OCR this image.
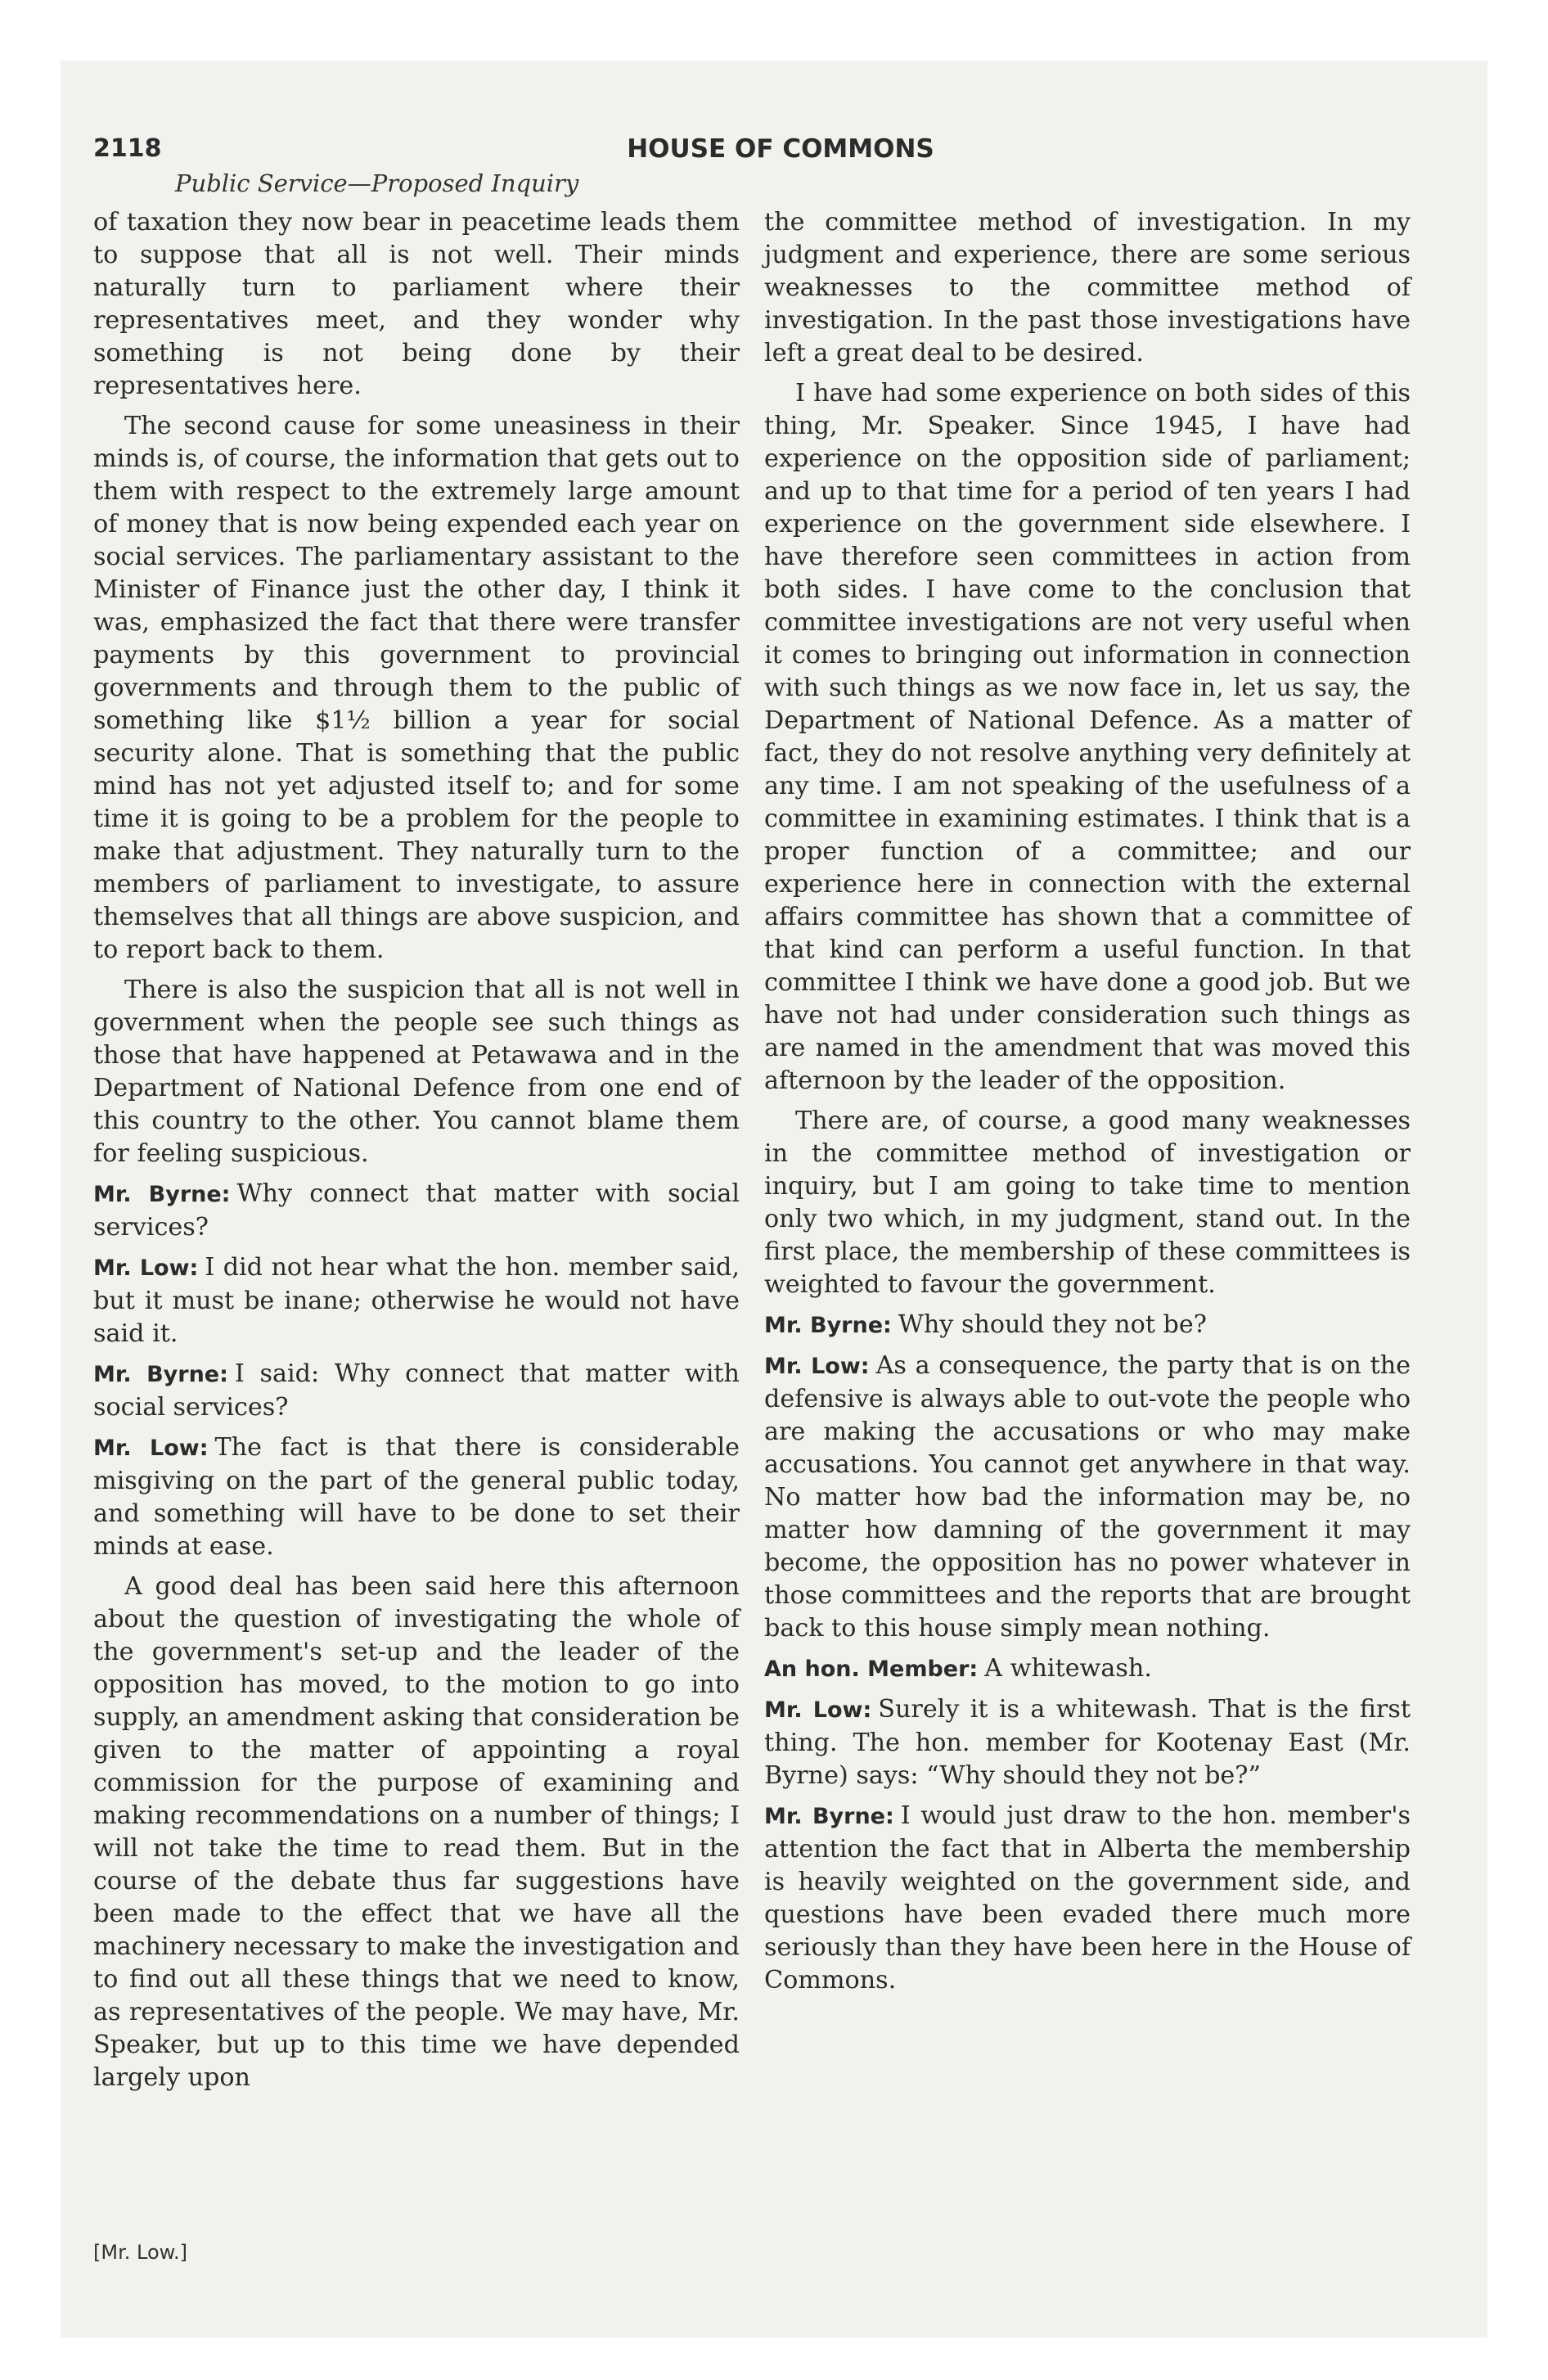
2118	HOUSE OF COMMONS
Public Service—Proposed Inquiry

of taxation they now bear in peacetime leads them to suppose that all is not well. Their minds naturally turn to parliament where their representatives meet, and they wonder why something is not being done by their representatives here.

The second cause for some uneasiness in their minds is, of course, the information that gets out to them with respect to the extremely large amount of money that is now being expended each year on social services. The parliamentary assistant to the Minister of Finance just the other day, I think it was, emphasized the fact that there were transfer payments by this government to provincial governments and through them to the public of something like $1½ billion a year for social security alone. That is something that the public mind has not yet adjusted itself to; and for some time it is going to be a problem for the people to make that adjustment. They naturally turn to the members of parliament to investigate, to assure themselves that all things are above suspicion, and to report back to them.

There is also the suspicion that all is not well in government when the people see such things as those that have happened at Petawawa and in the Department of National Defence from one end of this country to the other. You cannot blame them for feeling suspicious.

Mr. Byrne: Why connect that matter with social services?

Mr. Low: I did not hear what the hon. member said, but it must be inane; otherwise he would not have said it.

Mr. Byrne: I said: Why connect that matter with social services?

Mr. Low: The fact is that there is considerable misgiving on the part of the general public today, and something will have to be done to set their minds at ease.

A good deal has been said here this afternoon about the question of investigating the whole of the government's set-up and the leader of the opposition has moved, to the motion to go into supply, an amendment asking that consideration be given to the matter of appointing a royal commission for the purpose of examining and making recommendations on a number of things; I will not take the time to read them. But in the course of the debate thus far suggestions have been made to the effect that we have all the machinery necessary to make the investigation and to find out all these things that we need to know, as representatives of the people. We may have, Mr. Speaker, but up to this time we have depended largely upon

the committee method of investigation. In my judgment and experience, there are some serious weaknesses to the committee method of investigation. In the past those investigations have left a great deal to be desired.

I have had some experience on both sides of this thing, Mr. Speaker. Since 1945, I have had experience on the opposition side of parliament; and up to that time for a period of ten years I had experience on the government side elsewhere. I have therefore seen committees in action from both sides. I have come to the conclusion that committee investigations are not very useful when it comes to bringing out information in connection with such things as we now face in, let us say, the Department of National Defence. As a matter of fact, they do not resolve anything very definitely at any time. I am not speaking of the usefulness of a committee in examining estimates. I think that is a proper function of a committee; and our experience here in connection with the external affairs committee has shown that a committee of that kind can perform a useful function. In that committee I think we have done a good job. But we have not had under consideration such things as are named in the amendment that was moved this afternoon by the leader of the opposition.

There are, of course, a good many weaknesses in the committee method of investigation or inquiry, but I am going to take time to mention only two which, in my judgment, stand out. In the first place, the membership of these committees is weighted to favour the government.

Mr. Byrne: Why should they not be?

Mr. Low: As a consequence, the party that is on the defensive is always able to out-vote the people who are making the accusations or who may make accusations. You cannot get anywhere in that way. No matter how bad the information may be, no matter how damning of the government it may become, the opposition has no power whatever in those committees and the reports that are brought back to this house simply mean nothing.

An hon. Member: A whitewash.

Mr. Low: Surely it is a whitewash. That is the first thing. The hon. member for Kootenay East (Mr. Byrne) says: “Why should they not be?”

Mr. Byrne: I would just draw to the hon. member's attention the fact that in Alberta the membership is heavily weighted on the government side, and questions have been evaded there much more seriously than they have been here in the House of Commons.

[Mr. Low.]
